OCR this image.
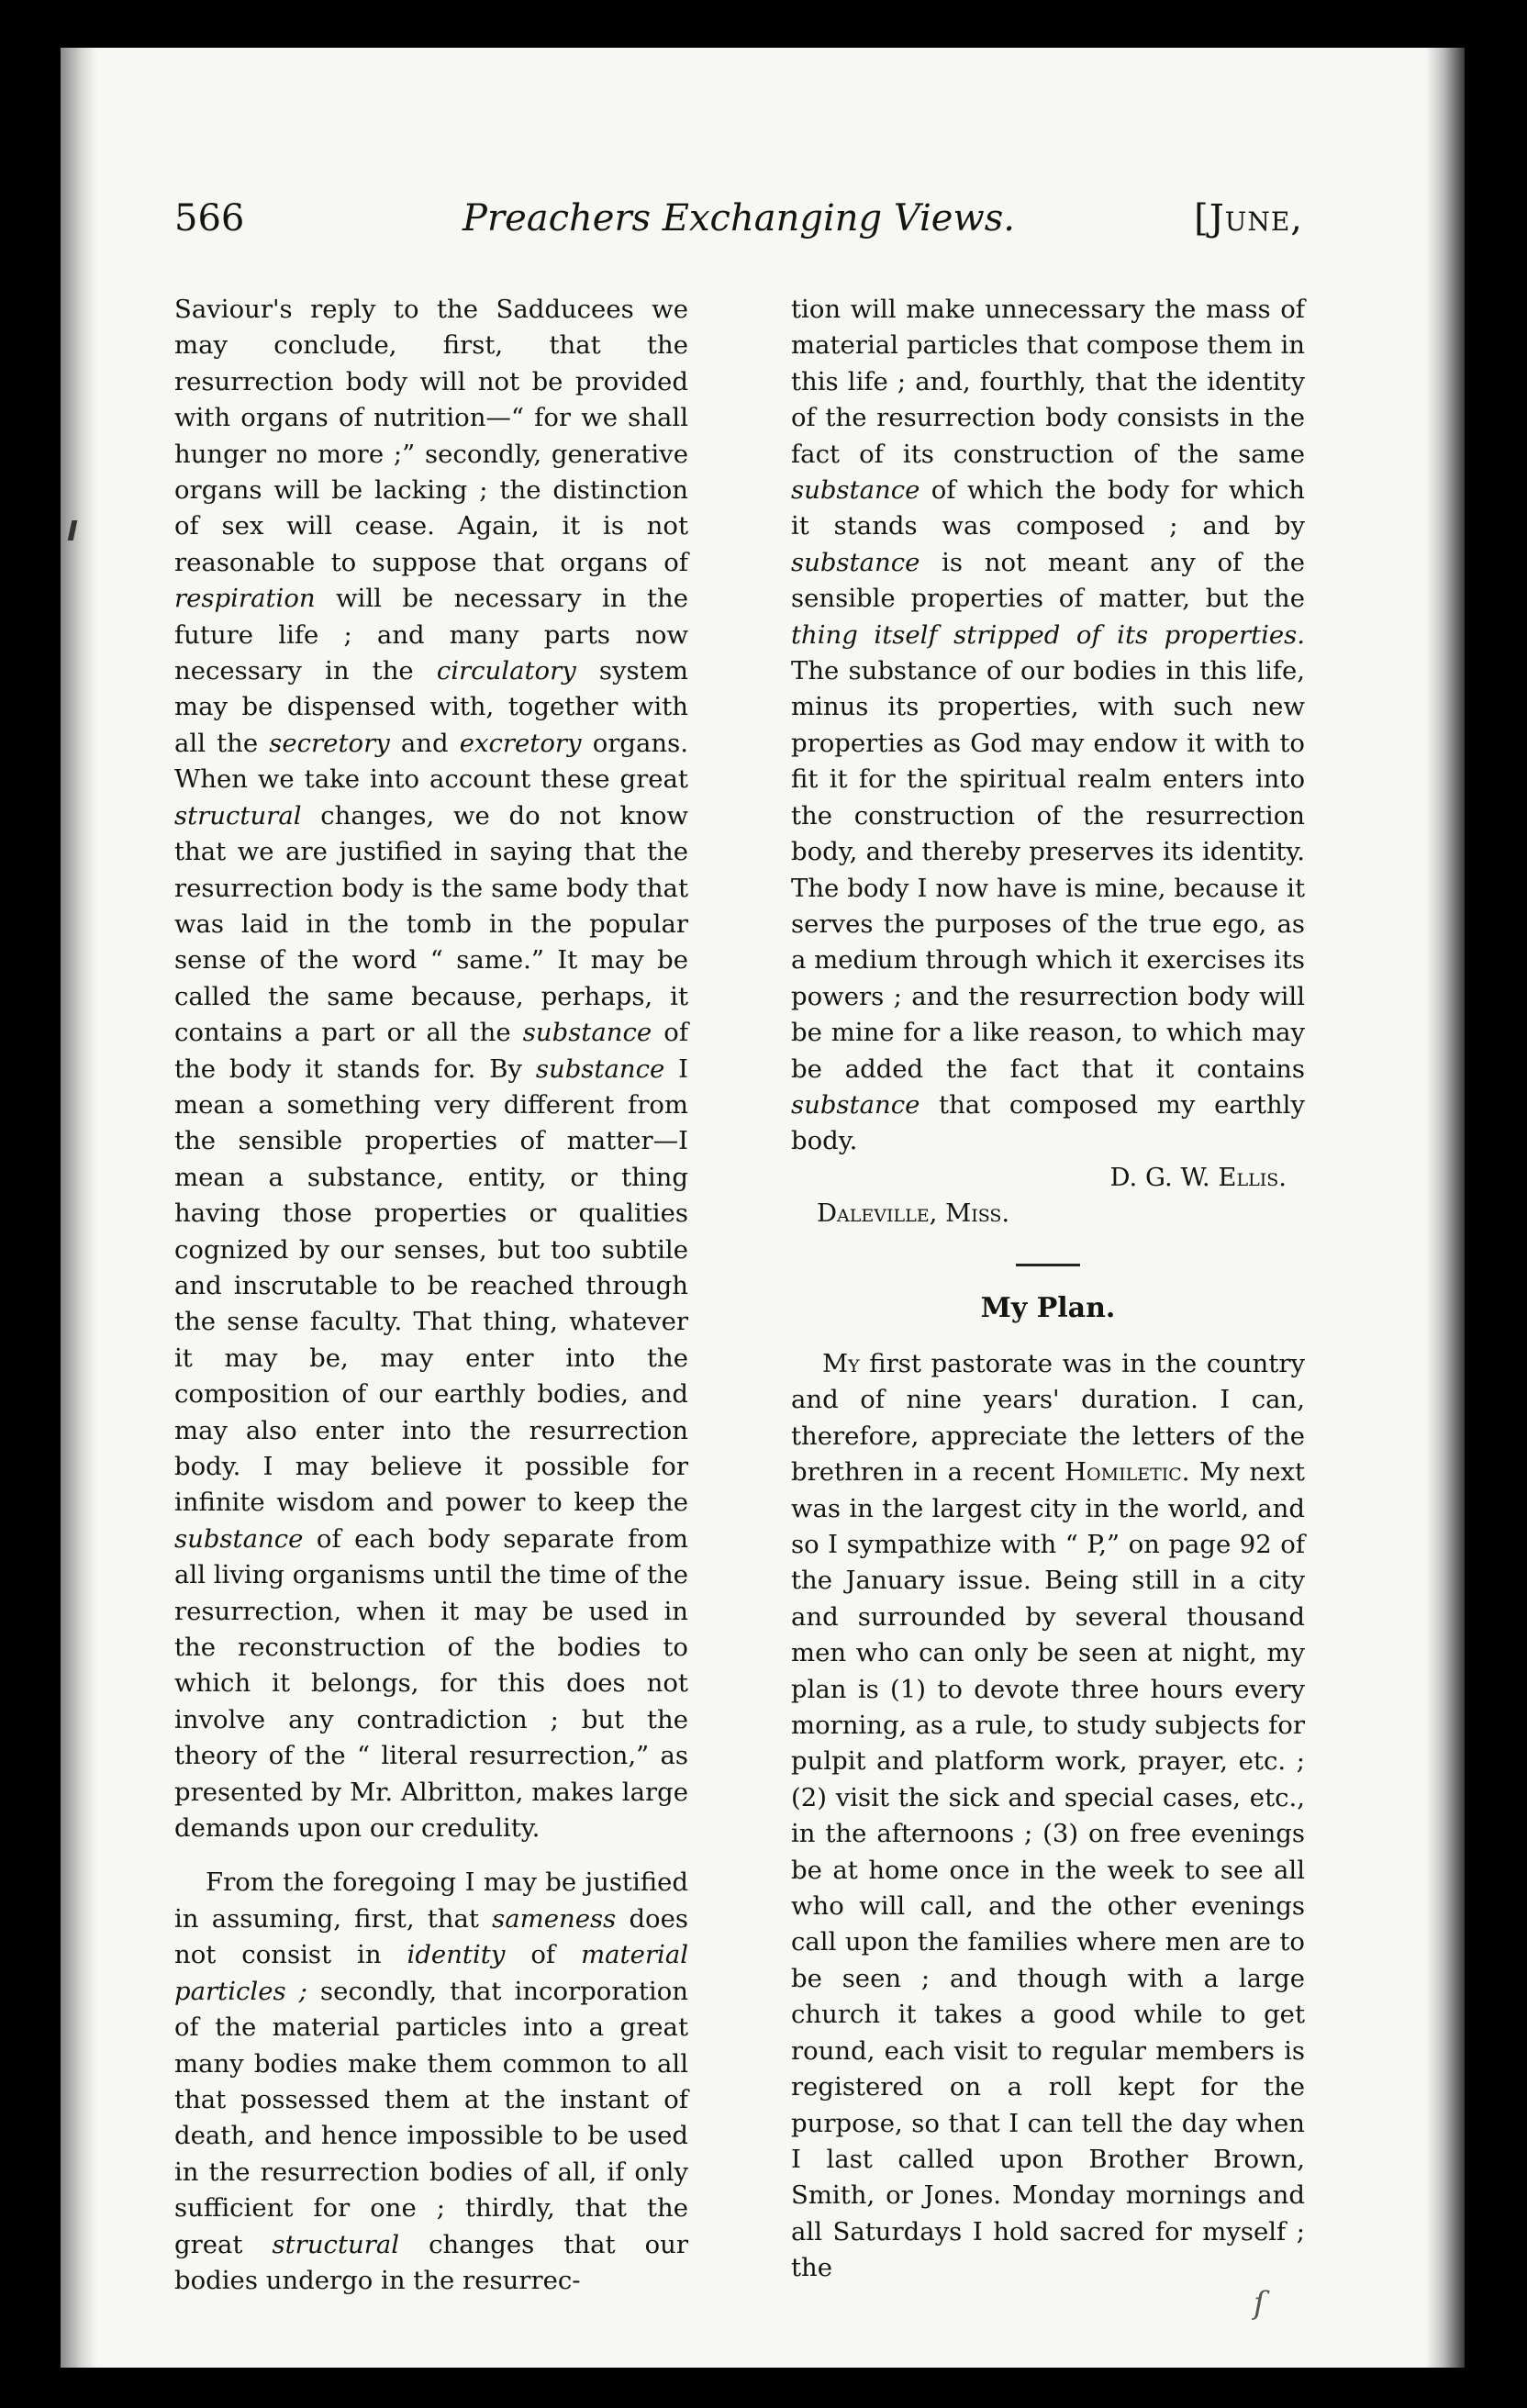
ſ
566	Preachers Exchanging Views.	[June,

Saviour's reply to the Sadducees we may conclude, first, that the resurrection body will not be provided with organs of nutrition—“ for we shall hunger no more ;” secondly, generative organs will be lacking ; the distinction of sex will cease. Again, it is not reasonable to suppose that organs of respiration will be necessary in the future life ; and many parts now necessary in the circulatory system may be dispensed with, together with all the secretory and excretory organs. When we take into account these great structural changes, we do not know that we are justified in saying that the resurrection body is the same body that was laid in the tomb in the popular sense of the word “ same.” It may be called the same because, perhaps, it contains a part or all the substance of the body it stands for. By substance I mean a something very different from the sensible properties of matter—I mean a substance, entity, or thing having those properties or qualities cognized by our senses, but too subtile and inscrutable to be reached through the sense faculty. That thing, whatever it may be, may enter into the composition of our earthly bodies, and may also enter into the resurrection body. I may believe it possible for infinite wisdom and power to keep the substance of each body separate from all living organisms until the time of the resurrection, when it may be used in the reconstruction of the bodies to which it belongs, for this does not involve any contradiction ; but the theory of the “ literal resurrection,” as presented by Mr. Albritton, makes large demands upon our credulity.

From the foregoing I may be justified in assuming, first, that sameness does not consist in identity of material particles ; secondly, that incorporation of the material particles into a great many bodies make them common to all that possessed them at the instant of death, and hence impossible to be used in the resurrection bodies of all, if only sufficient for one ; thirdly, that the great structural changes that our bodies undergo in the resurrec-

tion will make unnecessary the mass of material particles that compose them in this life ; and, fourthly, that the identity of the resurrection body consists in the fact of its construction of the same substance of which the body for which it stands was composed ; and by substance is not meant any of the sensible properties of matter, but the thing itself stripped of its properties. The substance of our bodies in this life, minus its properties, with such new properties as God may endow it with to fit it for the spiritual realm enters into the construction of the resurrection body, and thereby preserves its identity. The body I now have is mine, because it serves the purposes of the true ego, as a medium through which it exercises its powers ; and the resurrection body will be mine for a like reason, to which may be added the fact that it contains substance that composed my earthly body.

D. G. W. Ellis.

Daleville, Miss.

My Plan.

My first pastorate was in the country and of nine years' duration. I can, therefore, appreciate the letters of the brethren in a recent Homiletic. My next was in the largest city in the world, and so I sympathize with “ P,” on page 92 of the January issue. Being still in a city and surrounded by several thousand men who can only be seen at night, my plan is (1) to devote three hours every morning, as a rule, to study subjects for pulpit and platform work, prayer, etc. ; (2) visit the sick and special cases, etc., in the afternoons ; (3) on free evenings be at home once in the week to see all who will call, and the other evenings call upon the families where men are to be seen ; and though with a large church it takes a good while to get round, each visit to regular members is registered on a roll kept for the purpose, so that I can tell the day when I last called upon Brother Brown, Smith, or Jones. Monday mornings and all Saturdays I hold sacred for myself ; the
